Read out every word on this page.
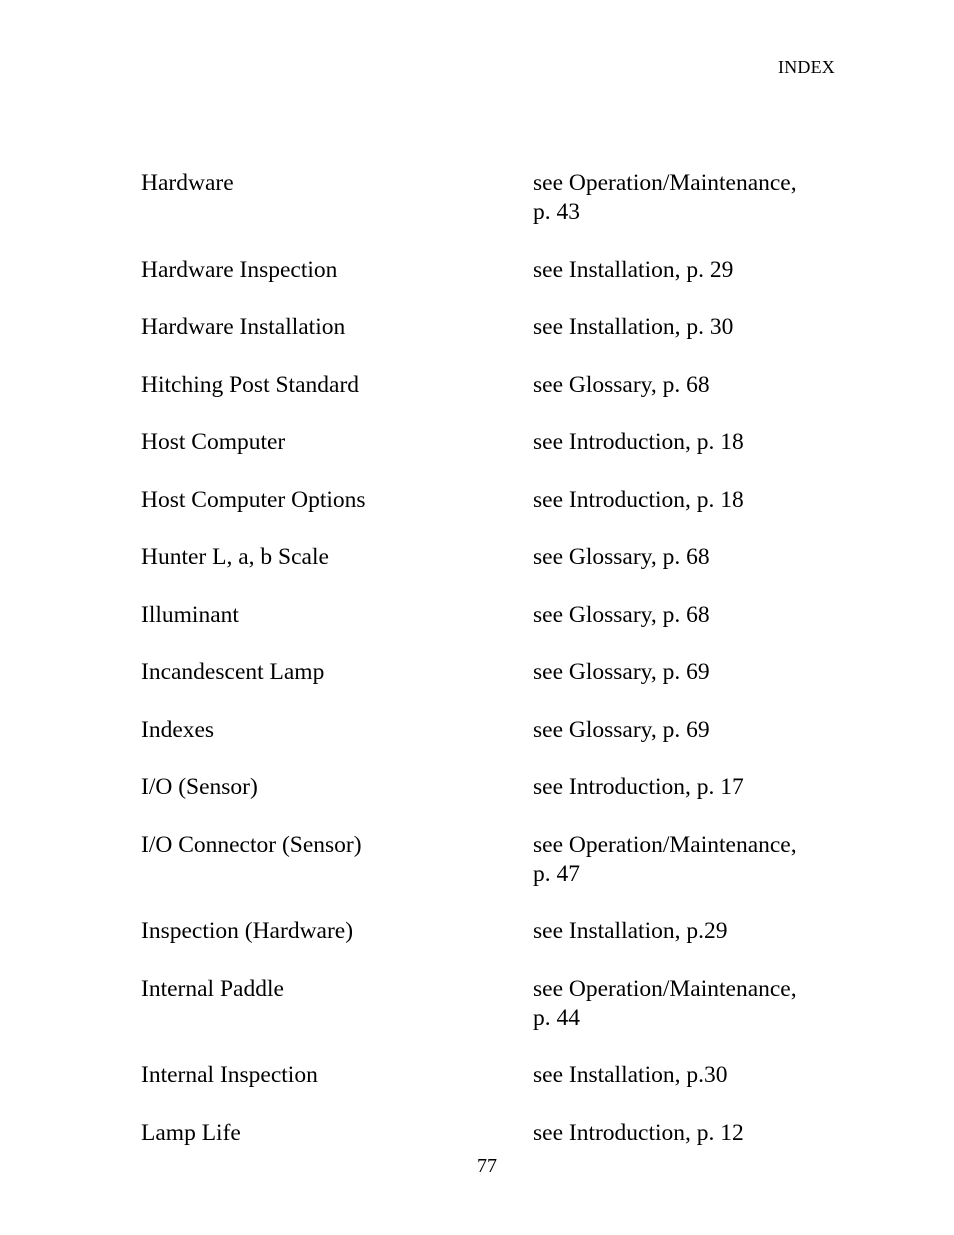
INDEX
Hardware	see Operation/Maintenance,
p. 43
Hardware Inspection	see Installation, p. 29
Hardware Installation	see Installation, p. 30
Hitching Post Standard	see Glossary, p. 68
Host Computer	see Introduction, p. 18
Host Computer Options	see Introduction, p. 18
Hunter L, a, b Scale	see Glossary, p. 68
Illuminant	see Glossary, p. 68
Incandescent Lamp	see Glossary, p. 69
Indexes	see Glossary, p. 69
I/O (Sensor)	see Introduction, p. 17
I/O Connector (Sensor)	see Operation/Maintenance,
p. 47
Inspection (Hardware)	see Installation, p.29
Internal Paddle	see Operation/Maintenance,
p. 44
Internal Inspection	see Installation, p.30
Lamp Life	see Introduction, p. 12
77
